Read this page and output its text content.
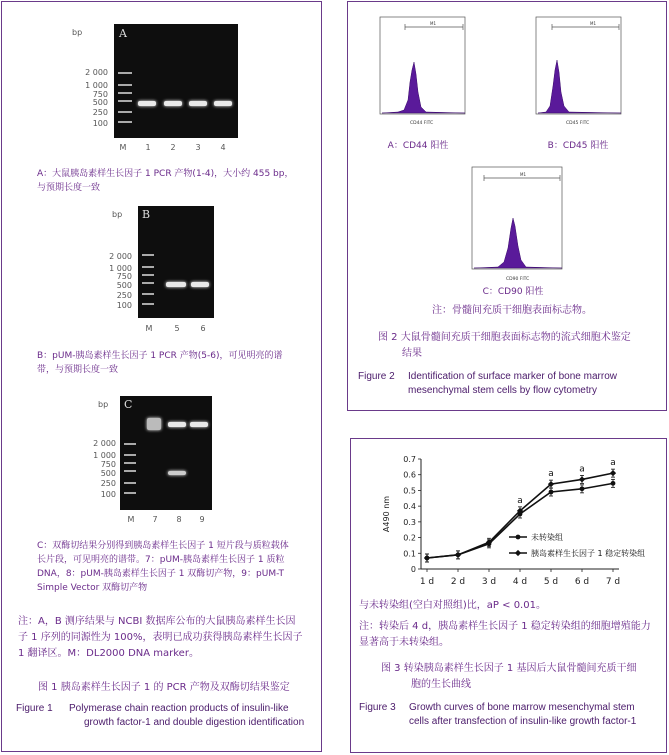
bp	A
2 000
1 000
750
500
250
100
M	1	2	3	4
A：大鼠胰岛素样生长因子 1 PCR 产物(1-4)，大小约 455 bp，
与预期长度一致
bp	B
2 000
1 000
750
500
250
100
M	5	6
B：pUM-胰岛素样生长因子 1 PCR 产物(5-6)，可见明亮的谱
带，与预期长度一致
bp	C
2 000
1 000
750
500
250
100
M	7	8	9
C：双酶切结果分别得到胰岛素样生长因子 1 短片段与质粒载体
长片段，可见明亮的谱带。7：pUM-胰岛素样生长因子 1 质粒
DNA，8：pUM-胰岛素样生长因子 1 双酶切产物，9：pUM-T
Simple Vector 双酶切产物
注：A，B 测序结果与 NCBI 数据库公布的大鼠胰岛素样生长因
子 1 序列的同源性为 100%，表明已成功获得胰岛素样生长因子
1 翻译区。M：DL2000 DNA marker。
图 1 胰岛素样生长因子 1 的 PCR 产物及双酶切结果鉴定
Figure 1 Polymerase chain reaction products of insulin-like
growth factor-1 and double digestion identification
M1
CD44 FITC
A：CD44 阳性
M1
CD45 FITC
B：CD45 阳性
M1
CD90 FITC
C：CD90 阳性
注：骨髓间充质干细胞表面标志物。
图 2 大鼠骨髓间充质干细胞表面标志物的流式细胞术鉴定
结果
Figure 2 Identification of surface marker of bone marrow
mesenchymal stem cells by flow cytometry
0
0.1
0.2
0.3
0.4
0.5
0.6
0.7
1 d 2 d 3 d 4 d 5 d 6 d 7 d
A490 nm	a
a	a
a
未转染组
胰岛素样生长因子 1 稳定转染组
与未转染组(空白对照组)比，aP < 0.01。
注：转染后 4 d，胰岛素样生长因子 1 稳定转染组的细胞增殖能力
显著高于未转染组。
图 3 转染胰岛素样生长因子 1 基因后大鼠骨髓间充质干细
胞的生长曲线
Figure 3 Growth curves of bone marrow mesenchymal stem
cells after transfection of insulin-like growth factor-1
